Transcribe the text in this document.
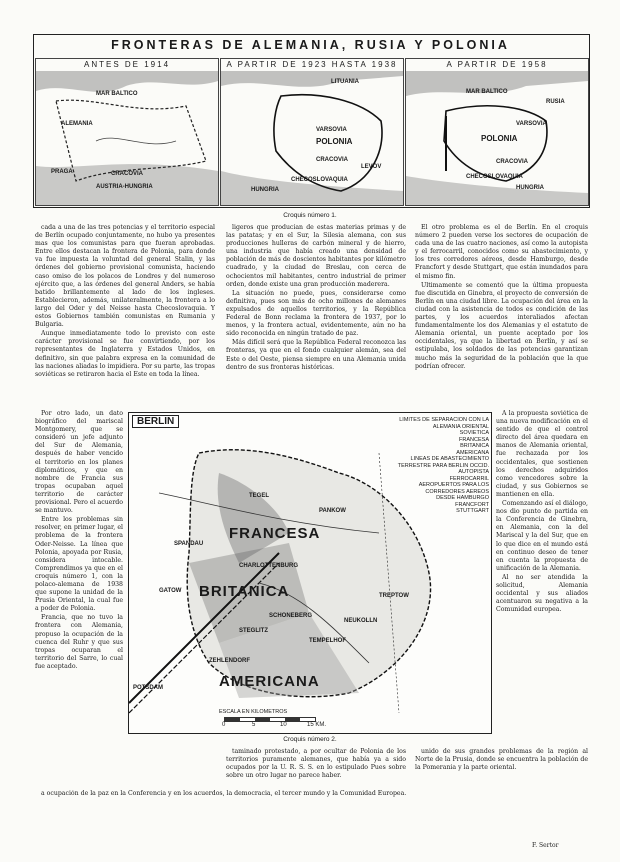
FRONTERAS DE ALEMANIA, RUSIA Y POLONIA
ANTES DE 1914
MAR BALTICO
ALEMANIA
PRAGA	CRACOVIA
AUSTRIA-HUNGRIA
A PARTIR DE 1923 HASTA 1938
LITUANIA
VARSOVIA
POLONIA
CRACOVIA
LEVOV
CHECOSLOVAQUIA
HUNGRIA
A PARTIR DE 1958
MAR BALTICO
RUSIA
VARSOVIA
POLONIA
CRACOVIA
CHECOSLOVAQUIA
HUNGRIA
Croquis número 1.

cada a una de las tres potencias y el territorio especial de Berlín ocupado conjuntamente, no hubo ya presentes mas que los comunistas para que fueran aprobadas. Entre ellos destacan la frontera de Polonia, para donde va fue impuesta la voluntad del general Stalin, y las órdenes del gobierno provisional comunista, haciendo caso omiso de los polacos de Londres y del numeroso ejército que, a las órdenes del general Anders, se había batido brillantemente al lado de los ingleses. Establecieron, además, unilateralmente, la frontera a lo largo del Oder y del Neisse hasta Checoslovaquia. Y estos Gobiernos también comunistas en Rumania y Bulgaria.

Aunque inmediatamente todo lo previsto con este carácter provisional se fue convirtiendo, por los representantes de Inglaterra y Estados Unidos, en definitivo, sin que palabra expresa en la comunidad de las naciones aliadas lo impidiera. Por su parte, las tropas soviéticas se retiraron hacia el Este en toda la línea.

Por otro lado, un dato biográfico del mariscal Montgomery, que se consideró un jefe adjunto del Sur de Alemania, después de haber vencido el territorio en los planes diplomáticos, y que en nombre de Francia sus tropas ocupaban aquel territorio de carácter provisional. Pero el acuerdo se mantuvo.

Entre los problemas sin resolver, en primer lugar, el problema de la frontera Oder-Neisse. La línea que Polonia, apoyada por Rusia, considera intocable. Comprendimos ya que en el croquis número 1, con la polaco-alemana de 1938 que supone la unidad de la Prusia Oriental, la cual fue a poder de Polonia.

Francia, que no tuvo la frontera con Alemania, propuso la ocupación de la cuenca del Ruhr y que sus tropas ocuparan el territorio del Sarre, lo cual fue aceptado.

ligeros que producían de estas materias primas y de las patatas; y en el Sur, la Silesia alemana, con sus producciones hulleras de carbón mineral y de hierro, una industria que había creado una densidad de población de más de doscientos habitantes por kilómetro cuadrado, y la ciudad de Breslau, con cerca de ochocientos mil habitantes, centro industrial de primer orden, donde existe una gran producción maderera.

La situación no puede, pues, considerarse como definitiva, pues son más de ocho millones de alemanes expulsados de aquellos territorios, y la República Federal de Bonn reclama la frontera de 1937, por lo menos, y la frontera actual, evidentemente, aún no ha sido reconocida en ningún tratado de paz.

Más difícil será que la República Federal reconozca las fronteras, ya que en el fondo cualquier alemán, sea del Este o del Oeste, piensa siempre en una Alemania unida dentro de sus fronteras históricas.

El otro problema es el de Berlín. En el croquis número 2 pueden verse los sectores de ocupación de cada una de las cuatro naciones, así como la autopista y el ferrocarril, conocidos como su abastecimiento, y los tres corredores aéreos, desde Hamburgo, desde Francfort y desde Stuttgart, que están inundados para el mismo fin.

Ultimamente se comentó que la última propuesta fue discutida en Ginebra, el proyecto de conversión de Berlín en una ciudad libre. La ocupación del área en la ciudad con la asistencia de todos es condición de las partes, y los acuerdos interaliados afectan fundamentalmente los dos Alemanias y el estatuto de Alemania oriental, un puente aceptado por los occidentales, ya que la libertad en Berlín, y así se estipulaba, los soldados de las potencias garantizan mucho más la seguridad de la población que la que podrían ofrecer.

A la propuesta soviética de una nueva modificación en el sentido de que el control directo del área quedara en manos de Alemania oriental, fue rechazada por los occidentales, que sostienen los derechos adquiridos como vencedores sobre la ciudad, y sus Gobiernos se mantienen en ella.

Comenzando así el diálogo, nos dio punto de partida en la Conferencia de Ginebra, en Alemania, con la del Mariscal y la del Sur, que en lo que dice en el mundo está en continuo deseo de tener en cuenta la propuesta de unificación de la Alemania.

Al no ser atendida la solicitud, Alemania occidental y sus aliados acentuaron su negativa a la Comunidad europea.

BERLIN
FRANCESA
BRITANICA
AMERICANA
SPANDAU
CHARLOTTENBURG
SCHONEBERG
TEMPELHOF
NEUKOLLN
STEGLITZ
ZEHLENDORF
POTSDAM
GATOW
TEGEL
PANKOW
TREPTOW
LIMITES DE SEPARACION CON LA
ALEMANIA ORIENTAL
SOVIETICA
FRANCESA
BRITANICA
AMERICANA
LINEAS DE ABASTECIMIENTO
TERRESTRE PARA BERLIN OCCID.
AUTOPISTA
FERROCARRIL
AEROPUERTOS PARA LOS
CORREDORES AEREOS
DESDE HAMBURGO
FRANCFORT
STUTTGART
ESCALA EN KILOMETROS
0	5	10	15 KM.
Croquis número 2.

taminado protestado, a por ocultar de Polonia de los territorios puramente alemanes, que había ya a sido ocupados por la U. R. S. S. en lo estipulado Pues sobre sobre un otro lugar no parece haber.

unido de sus grandes problemas de la región al Norte de la Prusia, donde se encuentra la población de la Pomerania y la parte oriental.

a ocupación de la paz en la Conferencia y en los acuerdos, la democracia, el tercer mundo y la Comunidad Europea.

F. Sertor
